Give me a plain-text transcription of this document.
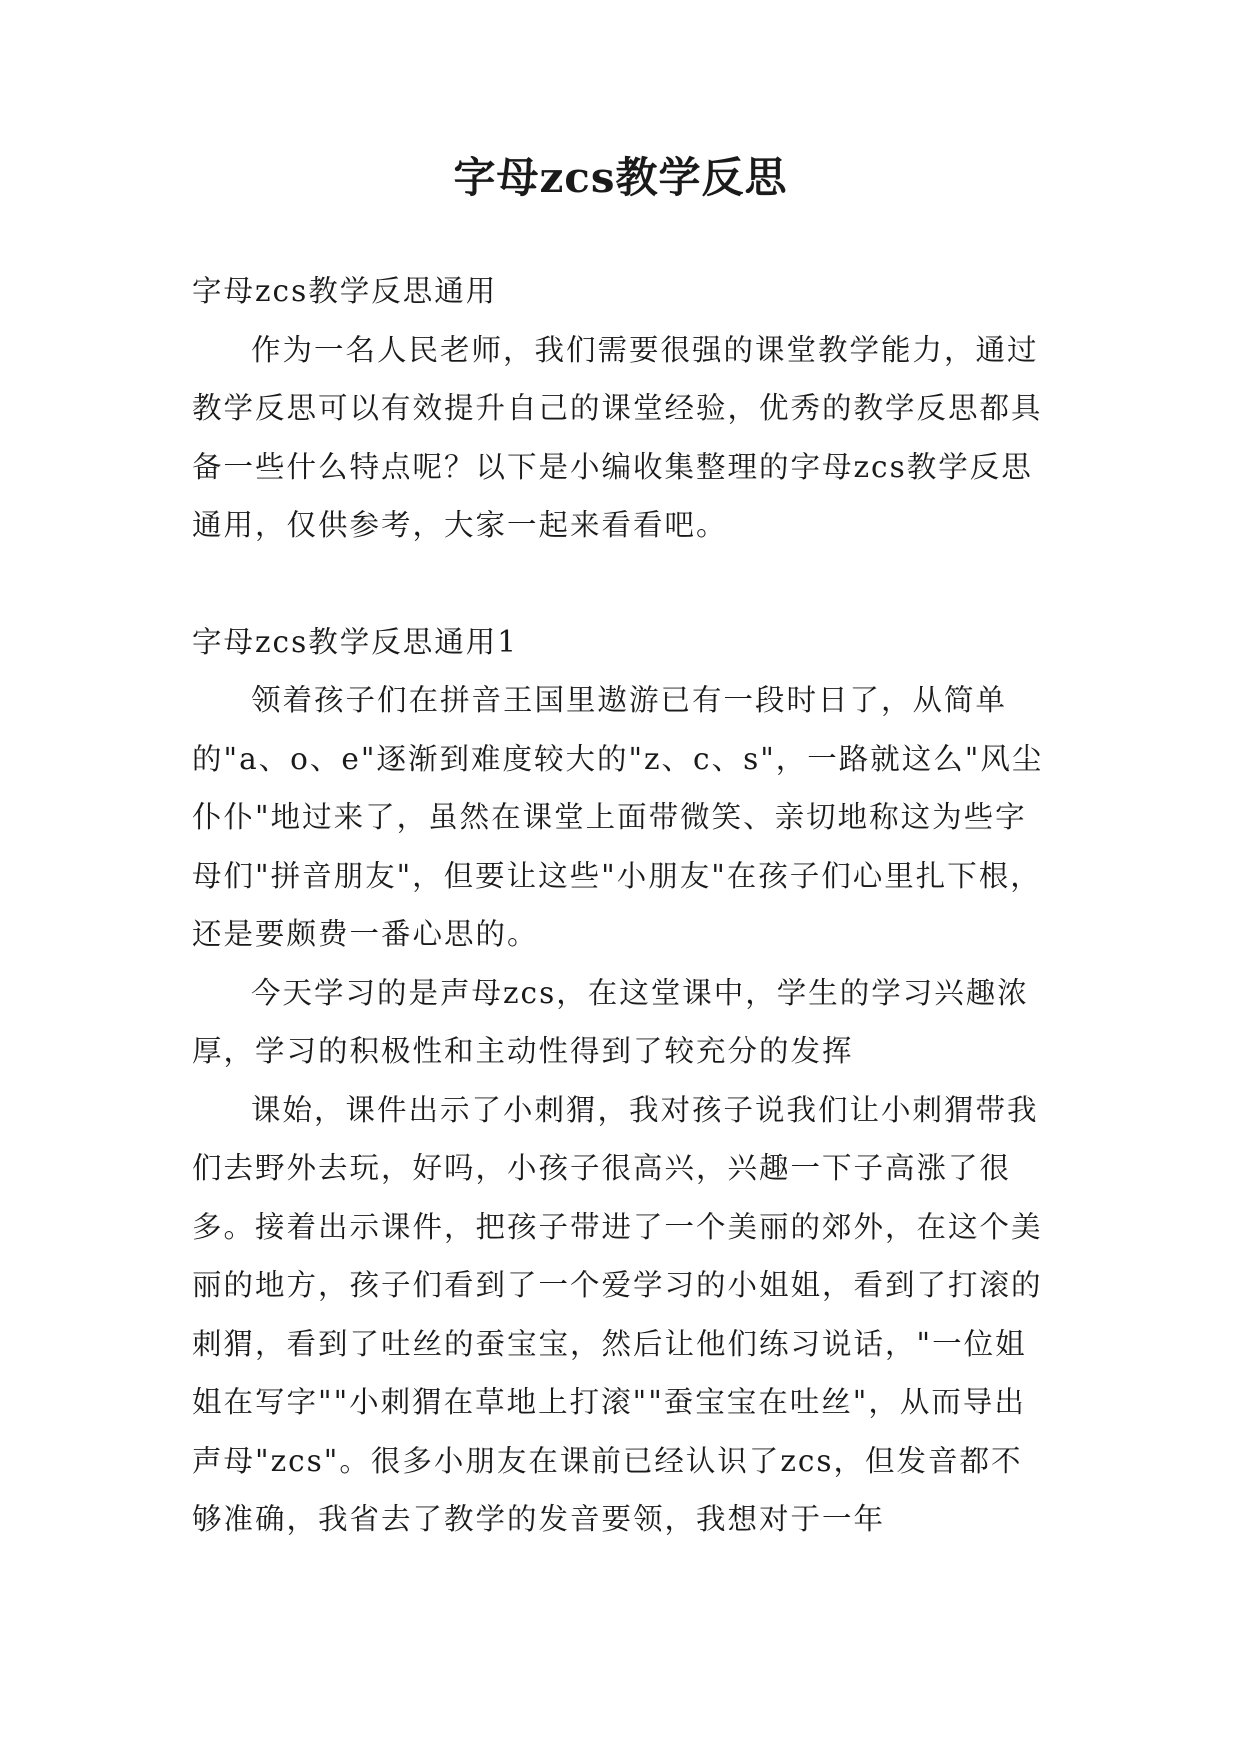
字母zcs教学反思

字母zcs教学反思通用

作为一名人民老师，我们需要很强的课堂教学能力，通过教学反思可以有效提升自己的课堂经验，优秀的教学反思都具备一些什么特点呢？以下是小编收集整理的字母zcs教学反思通用，仅供参考，大家一起来看看吧。

字母zcs教学反思通用1

领着孩子们在拼音王国里遨游已有一段时日了，从简单的"a、o、e"逐渐到难度较大的"z、c、s"，一路就这么"风尘仆仆"地过来了，虽然在课堂上面带微笑、亲切地称这为些字母们"拼音朋友"，但要让这些"小朋友"在孩子们心里扎下根，还是要颇费一番心思的。

今天学习的是声母zcs，在这堂课中，学生的学习兴趣浓厚，学习的积极性和主动性得到了较充分的发挥

课始，课件出示了小刺猬，我对孩子说我们让小刺猬带我们去野外去玩，好吗，小孩子很高兴，兴趣一下子高涨了很多。接着出示课件，把孩子带进了一个美丽的郊外，在这个美丽的地方，孩子们看到了一个爱学习的小姐姐，看到了打滚的刺猬，看到了吐丝的蚕宝宝，然后让他们练习说话，"一位姐姐在写字""小刺猬在草地上打滚""蚕宝宝在吐丝"，从而导出声母"zcs"。很多小朋友在课前已经认识了zcs，但发音都不够准确，我省去了教学的发音要领，我想对于一年
